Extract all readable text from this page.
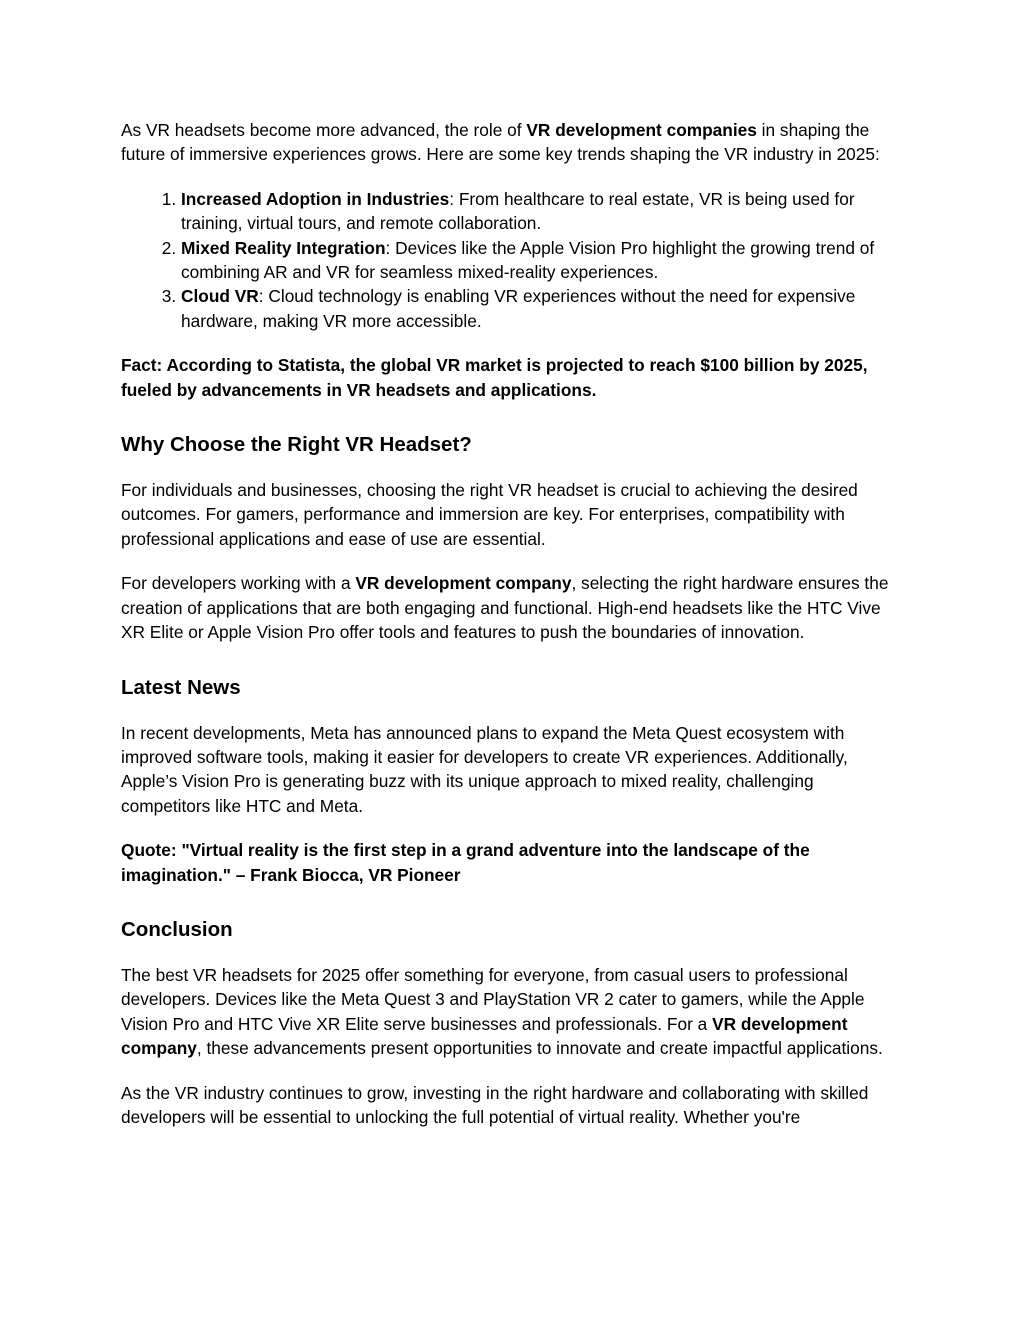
As VR headsets become more advanced, the role of VR development companies in shaping the future of immersive experiences grows. Here are some key trends shaping the VR industry in 2025:

1. Increased Adoption in Industries: From healthcare to real estate, VR is being used for training, virtual tours, and remote collaboration.
2. Mixed Reality Integration: Devices like the Apple Vision Pro highlight the growing trend of combining AR and VR for seamless mixed-reality experiences.
3. Cloud VR: Cloud technology is enabling VR experiences without the need for expensive hardware, making VR more accessible.

Fact: According to Statista, the global VR market is projected to reach $100 billion by 2025, fueled by advancements in VR headsets and applications.

Why Choose the Right VR Headset?

For individuals and businesses, choosing the right VR headset is crucial to achieving the desired outcomes. For gamers, performance and immersion are key. For enterprises, compatibility with professional applications and ease of use are essential.

For developers working with a VR development company, selecting the right hardware ensures the creation of applications that are both engaging and functional. High-end headsets like the HTC Vive XR Elite or Apple Vision Pro offer tools and features to push the boundaries of innovation.

Latest News

In recent developments, Meta has announced plans to expand the Meta Quest ecosystem with improved software tools, making it easier for developers to create VR experiences. Additionally, Apple’s Vision Pro is generating buzz with its unique approach to mixed reality, challenging competitors like HTC and Meta.

Quote: "Virtual reality is the first step in a grand adventure into the landscape of the imagination." – Frank Biocca, VR Pioneer

Conclusion

The best VR headsets for 2025 offer something for everyone, from casual users to professional developers. Devices like the Meta Quest 3 and PlayStation VR 2 cater to gamers, while the Apple Vision Pro and HTC Vive XR Elite serve businesses and professionals. For a VR development company, these advancements present opportunities to innovate and create impactful applications.

As the VR industry continues to grow, investing in the right hardware and collaborating with skilled developers will be essential to unlocking the full potential of virtual reality. Whether you're
